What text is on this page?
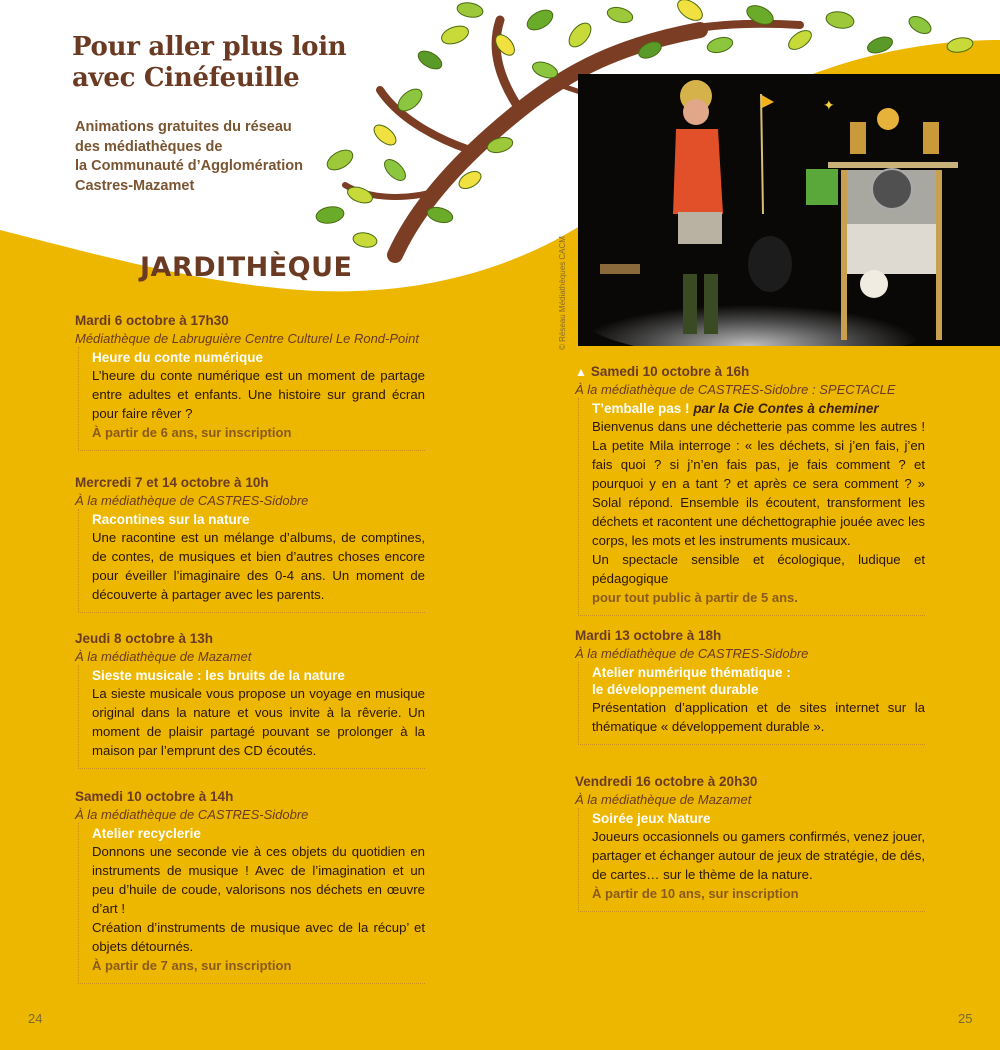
Pour aller plus loin
avec Cinéfeuille

Animations gratuites du réseau
des médiathèques de
la Communauté d’Agglomération
Castres-Mazamet

JARDITHÈQUE
✦
© Réseau Médiathèques CACM
Mardi 6 octobre à 17h30
Médiathèque de Labruguière Centre Culturel Le Rond-Point
Heure du conte numérique

L’heure du conte numérique est un moment de partage entre adultes et enfants. Une histoire sur grand écran pour faire rêver ?

À partir de 6 ans, sur inscription
Mercredi 7 et 14 octobre à 10h
À la médiathèque de CASTRES-Sidobre
Racontines sur la nature

Une racontine est un mélange d’albums, de comptines, de contes, de musiques et bien d’autres choses encore pour éveiller l’imaginaire des 0-4 ans. Un moment de découverte à partager avec les parents.

Jeudi 8 octobre à 13h
À la médiathèque de Mazamet
Sieste musicale : les bruits de la nature

La sieste musicale vous propose un voyage en musique original dans la nature et vous invite à la rêverie. Un moment de plaisir partagé pouvant se prolonger à la maison par l’emprunt des CD écoutés.

Samedi 10 octobre à 14h
À la médiathèque de CASTRES-Sidobre
Atelier recyclerie

Donnons une seconde vie à ces objets du quotidien en instruments de musique ! Avec de l’imagination et un peu d’huile de coude, valorisons nos déchets en œuvre d’art !

Création d’instruments de musique avec de la récup’ et objets détournés.

À partir de 7 ans, sur inscription
▲ Samedi 10 octobre à 16h
À la médiathèque de CASTRES-Sidobre : SPECTACLE
T’emballe pas ! par la Cie Contes à cheminer

Bienvenus dans une déchetterie pas comme les autres ! La petite Mila interroge : « les déchets, si j’en fais, j’en fais quoi ? si j’n’en fais pas, je fais comment ? et pourquoi y en a tant ? et après ce sera comment ? » Solal répond. Ensemble ils écoutent, transforment les déchets et racontent une déchettographie jouée avec les corps, les mots et les instruments musicaux.

Un spectacle sensible et écologique, ludique et pédagogique

pour tout public à partir de 5 ans.
Mardi 13 octobre à 18h
À la médiathèque de CASTRES-Sidobre
Atelier numérique thématique :
le développement durable

Présentation d’application et de sites internet sur la thématique « développement durable ».

Vendredi 16 octobre à 20h30
À la médiathèque de Mazamet
Soirée jeux Nature

Joueurs occasionnels ou gamers confirmés, venez jouer, partager et échanger autour de jeux de stratégie, de dés, de cartes… sur le thème de la nature.

À partir de 10 ans, sur inscription
24	25
